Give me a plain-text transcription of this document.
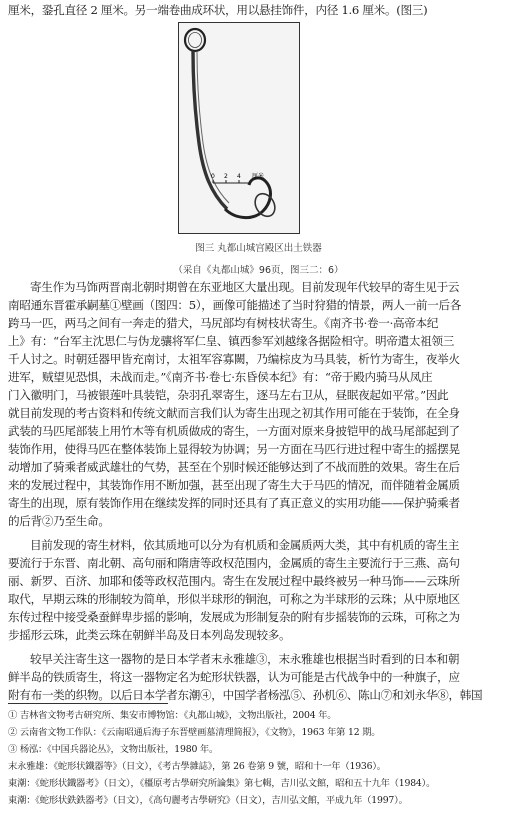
厘米，銎孔直径 2 厘米。另一端卷曲成环状，用以悬挂饰件，内径 1.6 厘米。(图三)
0 2 4 厘米
图三 丸都山城宫殿区出土铁器
（采自《丸都山城》96页，图三二：6）
寄生作为马饰两晋南北朝时期曾在东亚地区大量出现。目前发现年代较早的寄生见于云
南昭通东晋霍承嗣墓①壁画（图四：5），画像可能描述了当时狩猎的情景，两人一前一后各
跨马一匹，两马之间有一奔走的猎犬，马尻部均有树枝状寄生。《南齐书·卷一·高帝本纪
上》有：“台军主沈思仁与伪龙骧将军仁皇、镇西参军刘越缘各据险相守。明帝遣太祖领三
千人讨之。时朝廷器甲皆充南讨，太祖军容寡闕，乃编棕皮为马具装，析竹为寄生，夜举火
进军，贼望见恐惧，未战而走。”《南齐书·卷七·东昏侯本纪》有：“帝于殿内骑马从凤庄
门入徽明门，马被银莲叶具装铠，杂羽孔翠寄生，逐马左右卫从，昼眠夜起如平常。”因此
就目前发现的考古资料和传统文献而言我们认为寄生出现之初其作用可能在于装饰，在全身
武装的马匹尾部装上用竹木等有机质做成的寄生，一方面对原来身披铠甲的战马尾部起到了
装饰作用，使得马匹在整体装饰上显得较为协调；另一方面在马匹行进过程中寄生的摇摆晃
动增加了骑乘者威武雄壮的气势，甚至在个别时候还能够达到了不战而胜的效果。寄生在后
来的发展过程中，其装饰作用不断加强，甚至出现了寄生大于马匹的情况，而伴随着金属质
寄生的出现，原有装饰作用在继续发挥的同时还具有了真正意义的实用功能——保护骑乘者
的后背②乃至生命。
目前发现的寄生材料，依其质地可以分为有机质和金属质两大类，其中有机质的寄生主
要流行于东晋、南北朝、高句丽和隋唐等政权范围内，金属质的寄生主要流行于三燕、高句
丽、新罗、百济、加耶和倭等政权范围内。寄生在发展过程中最终被另一种马饰——云珠所
取代，早期云珠的形制较为简单，形似半球形的铜泡，可称之为半球形的云珠；从中原地区
东传过程中接受桑蚕鲜卑步摇的影响，发展成为形制复杂的附有步摇装饰的云珠，可称之为
步摇形云珠，此类云珠在朝鲜半岛及日本列岛发现较多。
较早关注寄生这一器物的是日本学者末永雅雄③，末永雅雄也根据当时看到的日本和朝
鲜半岛的铁质寄生，将这一器物定名为蛇形状铁器，认为可能是古代战争中的一种旗子，应
附有布一类的织物。以后日本学者东潮④，中国学者杨泓⑤、孙机⑥、陈山⑦和刘永华⑧，韩国
① 吉林省文物考古研究所、集安市博物馆：《丸都山城》，文物出版社，2004 年。
② 云南省文物工作队：《云南昭通后海子东晋壁画墓清理简报》，《文物》，1963 年第 12 期。
③ 杨泓：《中国兵器论丛》，文物出版社，1980 年。
末永雅雄：《蛇形状鐵器等》（日文），《考古學雜誌》，第 26 卷第 9 號，昭和十一年（1936）。
東潮：《蛇形状鐵器考》（日文），《橿原考古學研究所論集》第七輯，吉川弘文館，昭和五十九年（1984）。
東潮：《蛇形状鉄鉄器考》（日文），《高句麗考古學研究》（日文），吉川弘文館，平成九年（1997）。
